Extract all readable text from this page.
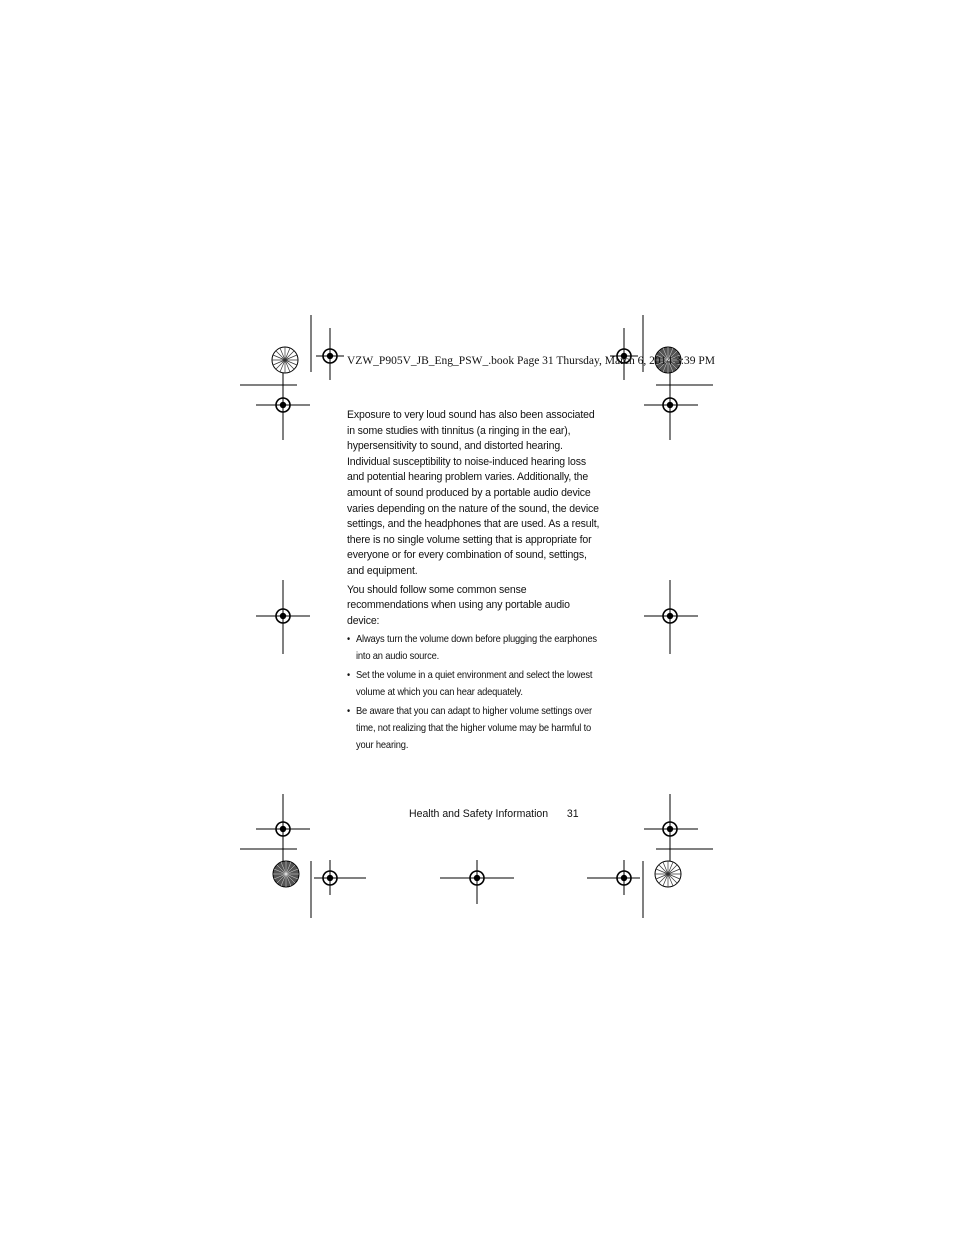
VZW_P905V_JB_Eng_PSW_.book Page 31 Thursday, March 6, 2014 3:39 PM

Exposure to very loud sound has also been associated in some studies with tinnitus (a ringing in the ear), hypersensitivity to sound, and distorted hearing. Individual susceptibility to noise-induced hearing loss and potential hearing problem varies. Additionally, the amount of sound produced by a portable audio device varies depending on the nature of the sound, the device settings, and the headphones that are used. As a result, there is no single volume setting that is appropriate for everyone or for every combination of sound, settings, and equipment.

You should follow some common sense recommendations when using any portable audio device:

• Always turn the volume down before plugging the earphones into an audio source.
• Set the volume in a quiet environment and select the lowest volume at which you can hear adequately.
• Be aware that you can adapt to higher volume settings over time, not realizing that the higher volume may be harmful to your hearing.
Health and Safety Information 31
